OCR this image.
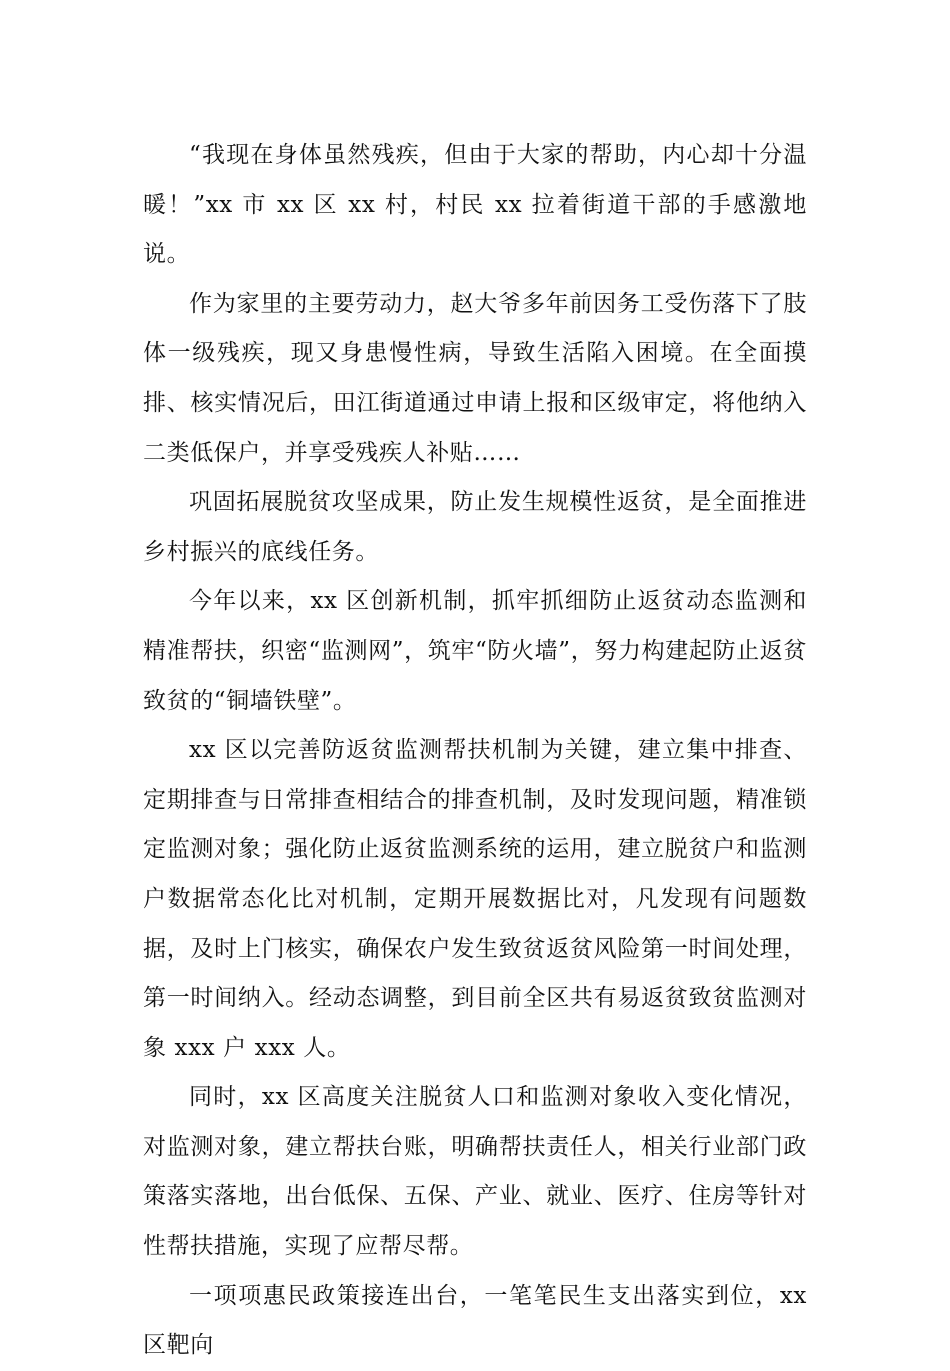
“我现在身体虽然残疾，但由于大家的帮助，内心却十分温暖！”xx 市 xx 区 xx 村，村民 xx 拉着街道干部的手感激地说。

作为家里的主要劳动力，赵大爷多年前因务工受伤落下了肢体一级残疾，现又身患慢性病，导致生活陷入困境。在全面摸排、核实情况后，田江街道通过申请上报和区级审定，将他纳入二类低保户，并享受残疾人补贴……

巩固拓展脱贫攻坚成果，防止发生规模性返贫，是全面推进乡村振兴的底线任务。

今年以来，xx 区创新机制，抓牢抓细防止返贫动态监测和精准帮扶，织密“监测网”，筑牢“防火墙”，努力构建起防止返贫致贫的“铜墙铁壁”。

xx 区以完善防返贫监测帮扶机制为关键，建立集中排查、定期排查与日常排查相结合的排查机制，及时发现问题，精准锁定监测对象；强化防止返贫监测系统的运用，建立脱贫户和监测户数据常态化比对机制，定期开展数据比对，凡发现有问题数据，及时上门核实，确保农户发生致贫返贫风险第一时间处理，第一时间纳入。经动态调整，到目前全区共有易返贫致贫监测对象 xxx 户 xxx 人。

同时，xx 区高度关注脱贫人口和监测对象收入变化情况，对监测对象，建立帮扶台账，明确帮扶责任人，相关行业部门政策落实落地，出台低保、五保、产业、就业、医疗、住房等针对性帮扶措施，实现了应帮尽帮。

一项项惠民政策接连出台，一笔笔民生支出落实到位，xx 区靶向
